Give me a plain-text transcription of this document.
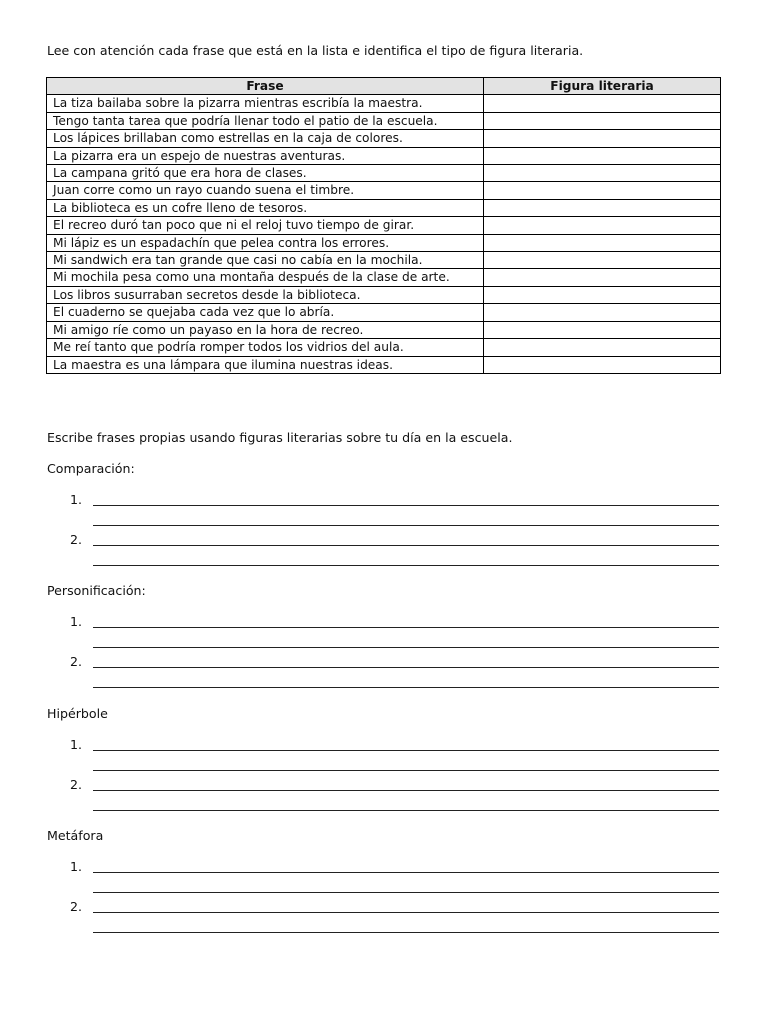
Lee con atención cada frase que está en la lista e identifica el tipo de figura literaria.

Frase	Figura literaria
La tiza bailaba sobre la pizarra mientras escribía la maestra.	
Tengo tanta tarea que podría llenar todo el patio de la escuela.	
Los lápices brillaban como estrellas en la caja de colores.	
La pizarra era un espejo de nuestras aventuras.	
La campana gritó que era hora de clases.	
Juan corre como un rayo cuando suena el timbre.	
La biblioteca es un cofre lleno de tesoros.	
El recreo duró tan poco que ni el reloj tuvo tiempo de girar.	
Mi lápiz es un espadachín que pelea contra los errores.	
Mi sandwich era tan grande que casi no cabía en la mochila.	
Mi mochila pesa como una montaña después de la clase de arte.	
Los libros susurraban secretos desde la biblioteca.	
El cuaderno se quejaba cada vez que lo abría.	
Mi amigo ríe como un payaso en la hora de recreo.	
Me reí tanto que podría romper todos los vidrios del aula.	
La maestra es una lámpara que ilumina nuestras ideas.	

Escribe frases propias usando figuras literarias sobre tu día en la escuela.

Comparación:

1.
2.

Personificación:

1.
2.

Hipérbole

1.
2.

Metáfora

1.
2.
